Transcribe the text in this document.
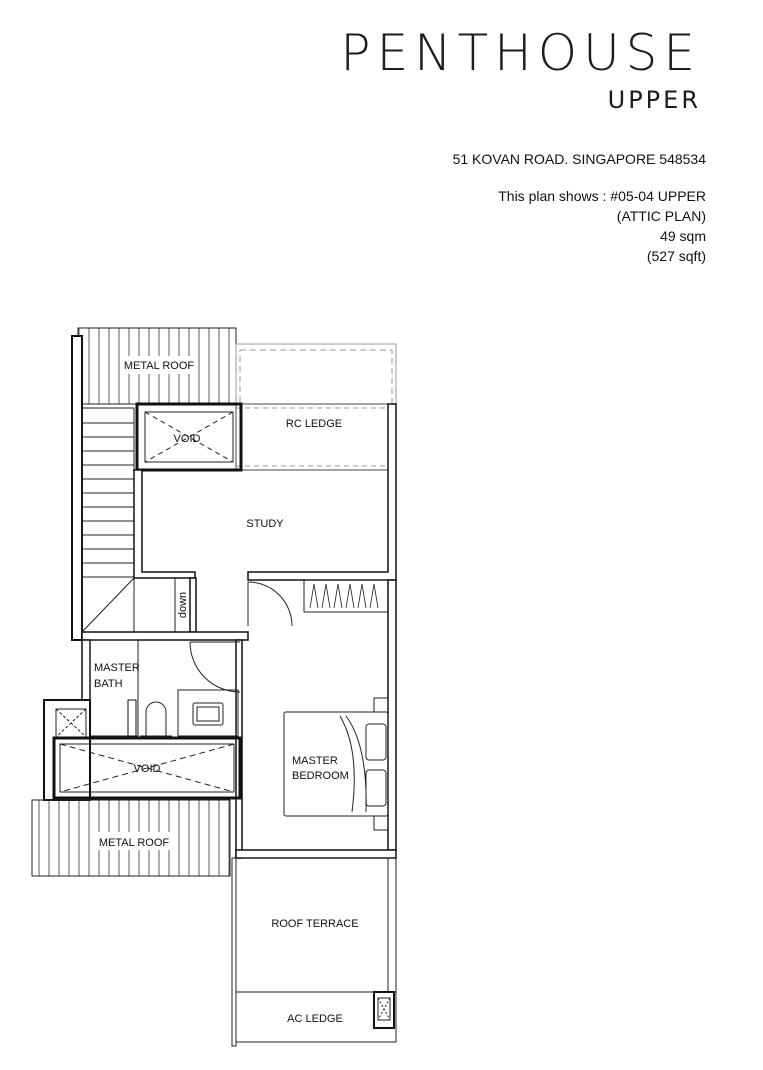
PENTHOUSE
UPPER
51 KOVAN ROAD. SINGAPORE 548534
This plan shows : #05-04 UPPER
(ATTIC PLAN)
49 sqm
(527 sqft)
METAL ROOF
RC LEDGE
VOID
STUDY
down
MASTER
BATH
MASTER
BEDROOM
VOID
METAL ROOF
ROOF TERRACE
AC LEDGE
